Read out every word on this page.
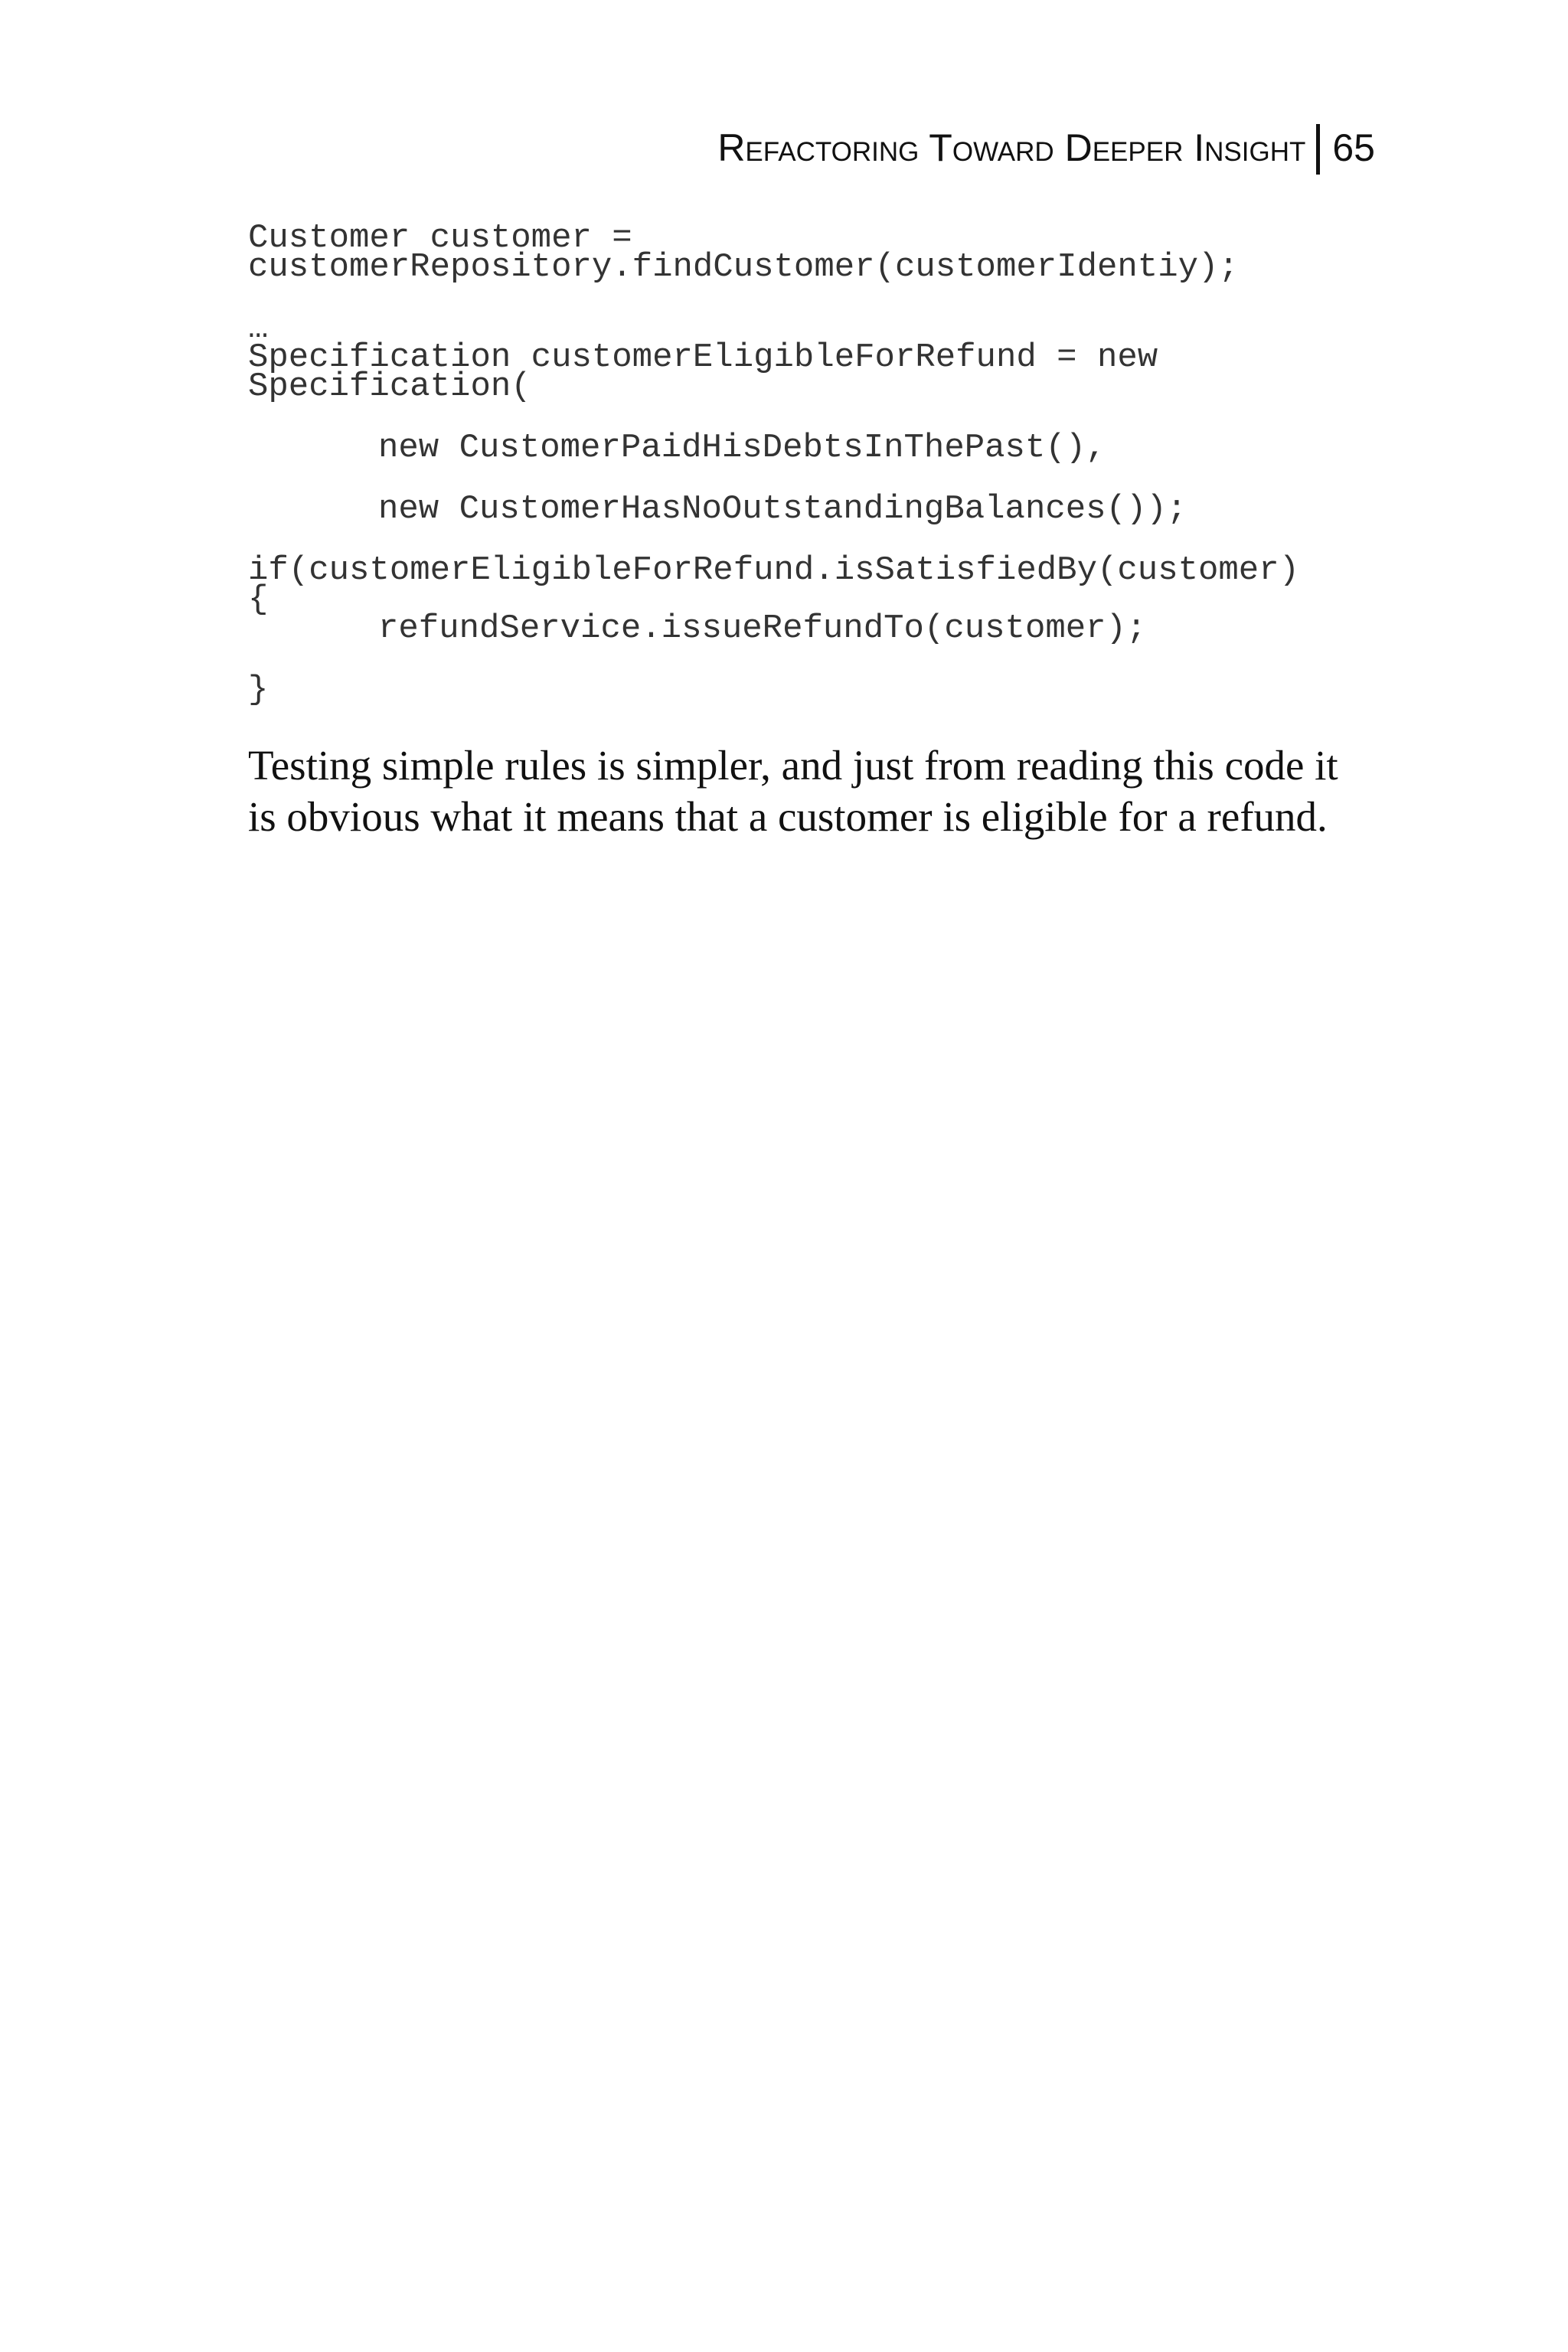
Refactoring Toward Deeper Insight 65
Customer customer =
customerRepository.findCustomer(customerIdentiy);
…
Specification customerEligibleForRefund = new
Specification(
new CustomerPaidHisDebtsInThePast(),
new CustomerHasNoOutstandingBalances());
if(customerEligibleForRefund.isSatisfiedBy(customer)
{
refundService.issueRefundTo(customer);
}
Testing simple rules is simpler, and just from reading this code it
is obvious what it means that a customer is eligible for a refund.
